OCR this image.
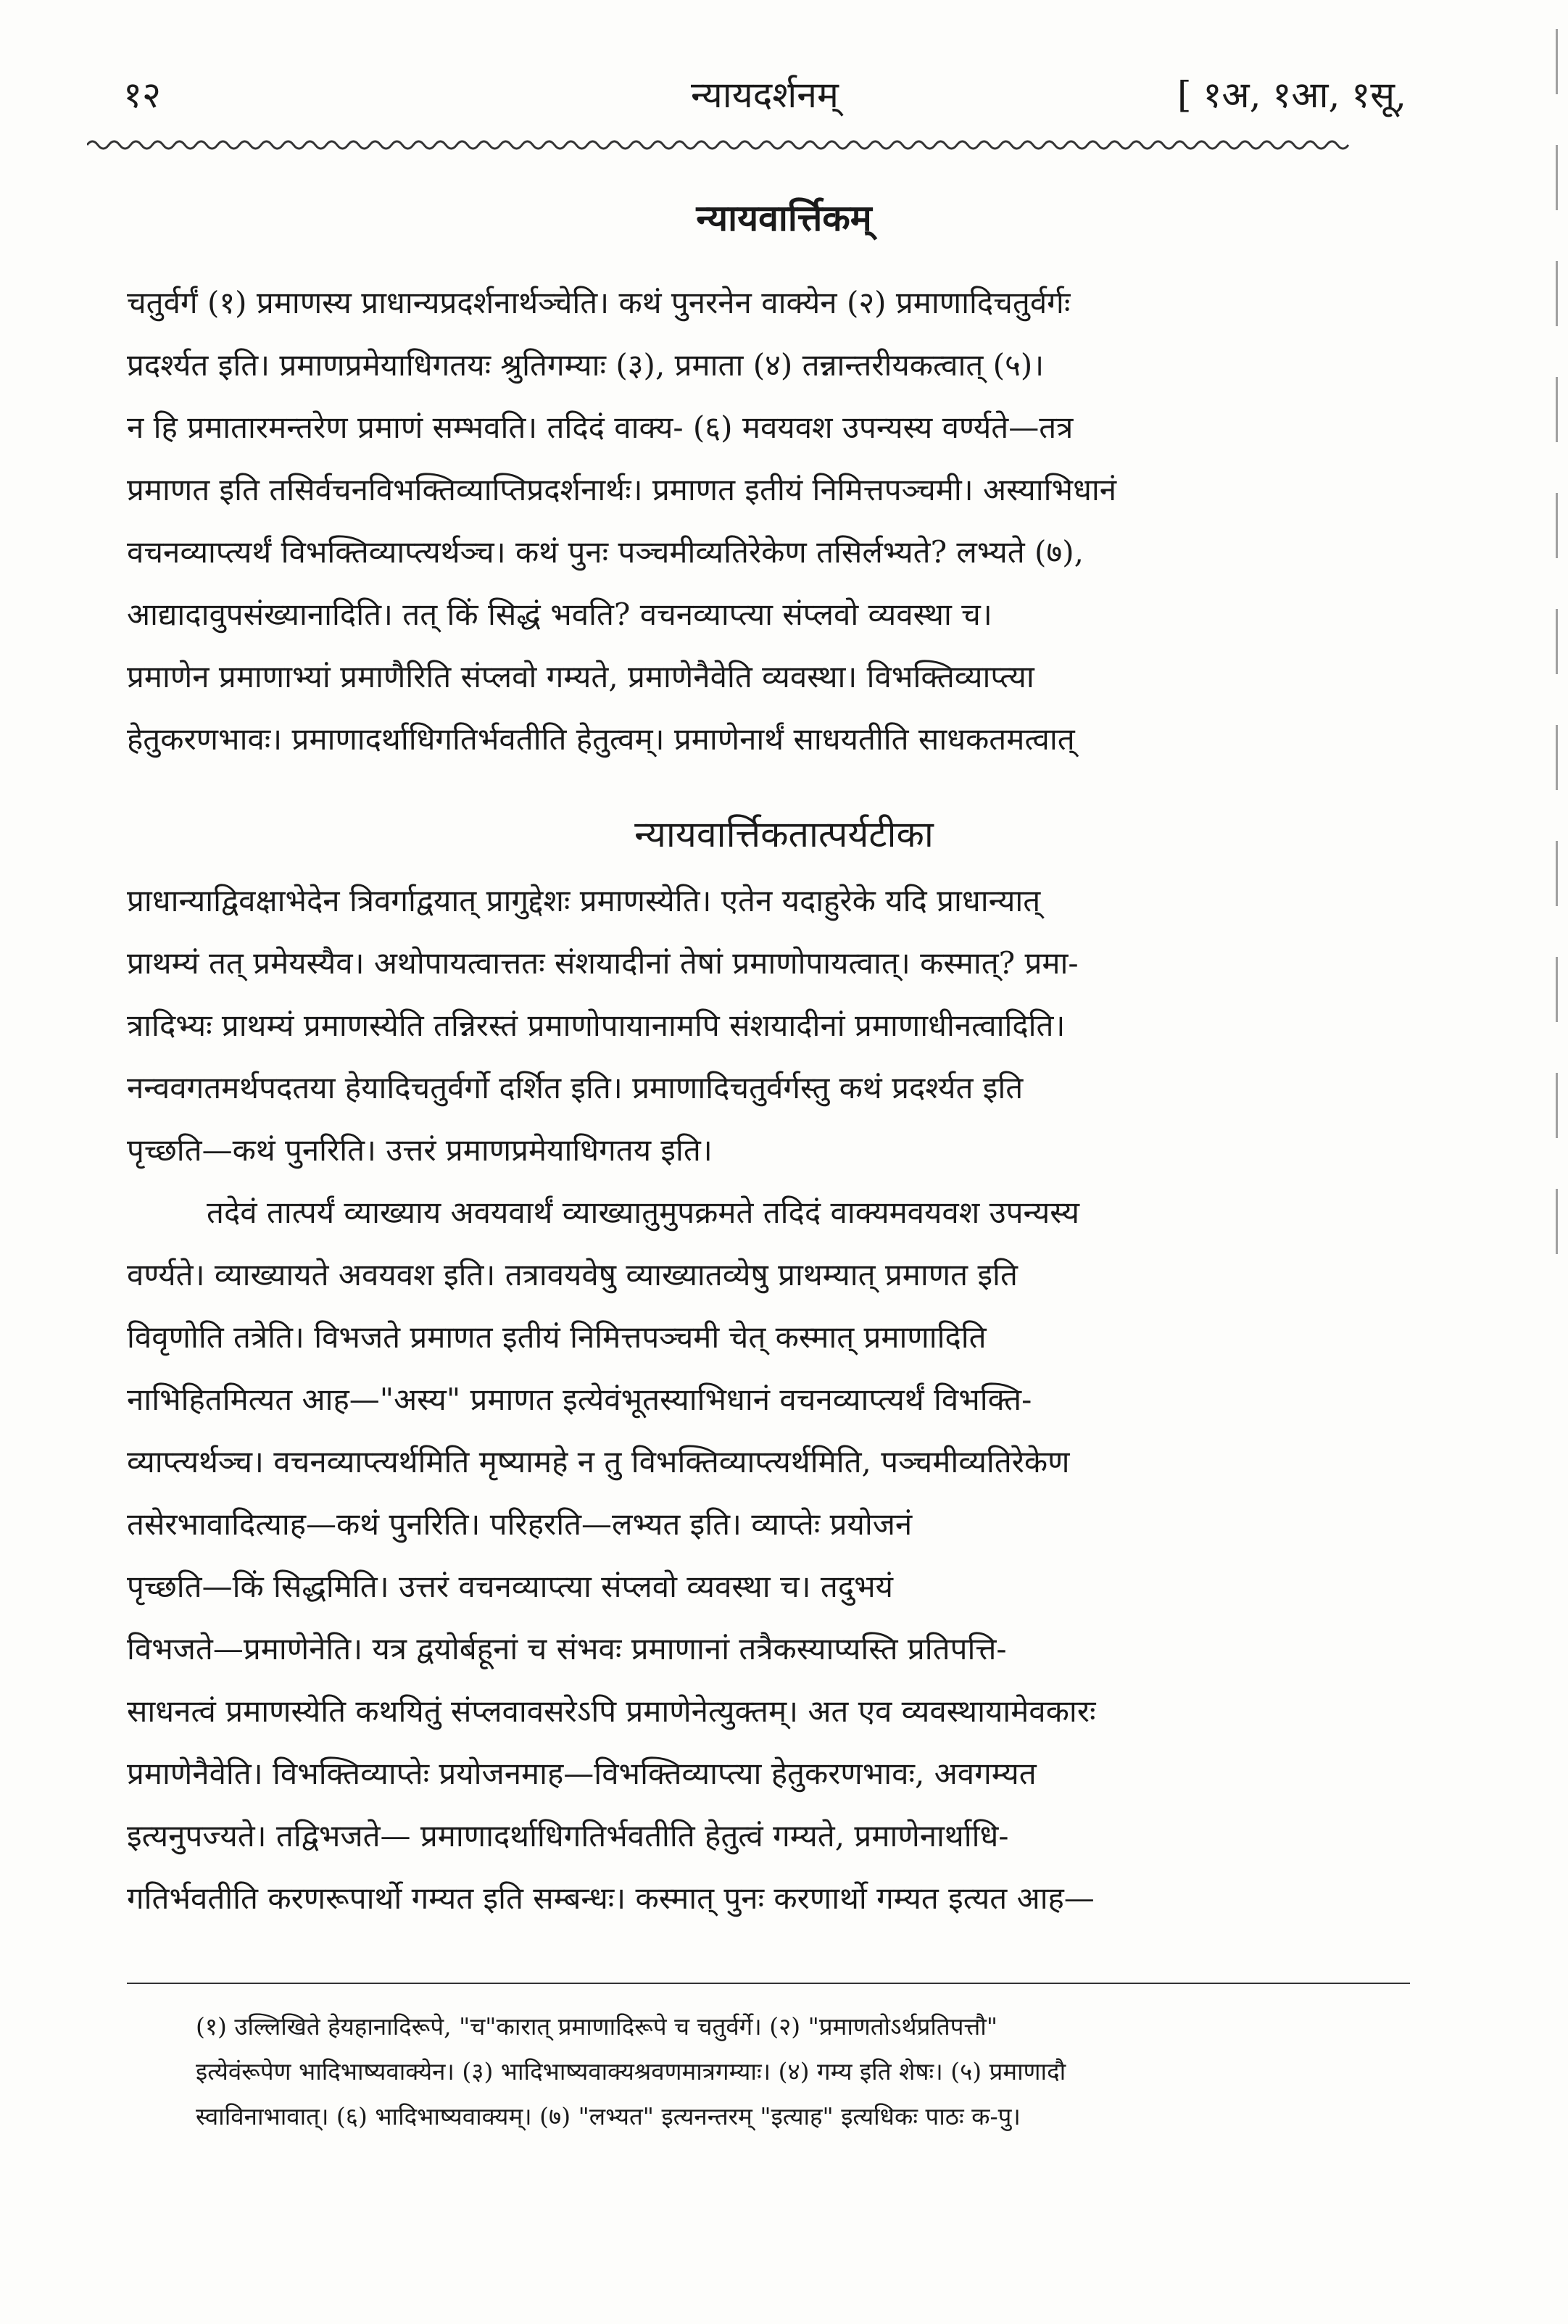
१२	न्यायदर्शनम्	[ १अ, १आ, १सू,
न्यायवार्त्तिकम्
चतुर्वर्गं (१) प्रमाणस्य प्राधान्यप्रदर्शनार्थञ्चेति। कथं पुनरनेन वाक्येन (२) प्रमाणादिचतुर्वर्गः
प्रदर्श्यत इति। प्रमाणप्रमेयाधिगतयः श्रुतिगम्याः (३), प्रमाता (४) तन्नान्तरीयकत्वात् (५)।
न हि प्रमातारमन्तरेण प्रमाणं सम्भवति। तदिदं वाक्य- (६) मवयवश उपन्यस्य वर्ण्यते—तत्र
प्रमाणत इति तसिर्वचनविभक्तिव्याप्तिप्रदर्शनार्थः। प्रमाणत इतीयं निमित्तपञ्चमी। अस्याभिधानं
वचनव्याप्त्यर्थं विभक्तिव्याप्त्यर्थञ्च। कथं पुनः पञ्चमीव्यतिरेकेण तसिर्लभ्यते? लभ्यते (७),
आद्यादावुपसंख्यानादिति। तत् किं सिद्धं भवति? वचनव्याप्त्या संप्लवो व्यवस्था च।
प्रमाणेन प्रमाणाभ्यां प्रमाणैरिति संप्लवो गम्यते, प्रमाणेनैवेति व्यवस्था। विभक्तिव्याप्त्या
हेतुकरणभावः। प्रमाणादर्थाधिगतिर्भवतीति हेतुत्वम्। प्रमाणेनार्थं साधयतीति साधकतमत्वात्
न्यायवार्त्तिकतात्पर्यटीका
प्राधान्याद्विवक्षाभेदेन त्रिवर्गाद्वयात् प्रागुद्देशः प्रमाणस्येति। एतेन यदाहुरेके यदि प्राधान्यात्
प्राथम्यं तत् प्रमेयस्यैव। अथोपायत्वात्ततः संशयादीनां तेषां प्रमाणोपायत्वात्। कस्मात्? प्रमा-
त्रादिभ्यः प्राथम्यं प्रमाणस्येति तन्निरस्तं प्रमाणोपायानामपि संशयादीनां प्रमाणाधीनत्वादिति।
नन्ववगतमर्थपदतया हेयादिचतुर्वर्गो दर्शित इति। प्रमाणादिचतुर्वर्गस्तु कथं प्रदर्श्यत इति
पृच्छति—कथं पुनरिति। उत्तरं प्रमाणप्रमेयाधिगतय इति।
तदेवं तात्पर्यं व्याख्याय अवयवार्थं व्याख्यातुमुपक्रमते तदिदं वाक्यमवयवश उपन्यस्य
वर्ण्यते। व्याख्यायते अवयवश इति। तत्रावयवेषु व्याख्यातव्येषु प्राथम्यात् प्रमाणत इति
विवृणोति तत्रेति। विभजते प्रमाणत इतीयं निमित्तपञ्चमी चेत् कस्मात् प्रमाणादिति
नाभिहितमित्यत आह—"अस्य" प्रमाणत इत्येवंभूतस्याभिधानं वचनव्याप्त्यर्थं विभक्ति-
व्याप्त्यर्थञ्च। वचनव्याप्त्यर्थमिति मृष्यामहे न तु विभक्तिव्याप्त्यर्थमिति, पञ्चमीव्यतिरेकेण
तसेरभावादित्याह—कथं पुनरिति। परिहरति—लभ्यत इति। व्याप्तेः प्रयोजनं
पृच्छति—किं सिद्धमिति। उत्तरं वचनव्याप्त्या संप्लवो व्यवस्था च। तदुभयं
विभजते—प्रमाणेनेति। यत्र द्वयोर्बहूनां च संभवः प्रमाणानां तत्रैकस्याप्यस्ति प्रतिपत्ति-
साधनत्वं प्रमाणस्येति कथयितुं संप्लवावसरेऽपि प्रमाणेनेत्युक्तम्। अत एव व्यवस्थायामेवकारः
प्रमाणेनैवेति। विभक्तिव्याप्तेः प्रयोजनमाह—विभक्तिव्याप्त्या हेतुकरणभावः, अवगम्यत
इत्यनुपज्यते। तद्विभजते— प्रमाणादर्थाधिगतिर्भवतीति हेतुत्वं गम्यते, प्रमाणेनार्थाधि-
गतिर्भवतीति करणरूपार्थो गम्यत इति सम्बन्धः। कस्मात् पुनः करणार्थो गम्यत इत्यत आह—
(१) उल्लिखिते हेयहानादिरूपे, "च"कारात् प्रमाणादिरूपे च चतुर्वर्गे। (२) "प्रमाणतोऽर्थप्रतिपत्तौ"
इत्येवंरूपेण भादिभाष्यवाक्येन। (३) भादिभाष्यवाक्यश्रवणमात्रगम्याः। (४) गम्य इति शेषः। (५) प्रमाणादौ
स्वाविनाभावात्। (६) भादिभाष्यवाक्यम्। (७) "लभ्यत" इत्यनन्तरम् "इत्याह" इत्यधिकः पाठः क-पु।
